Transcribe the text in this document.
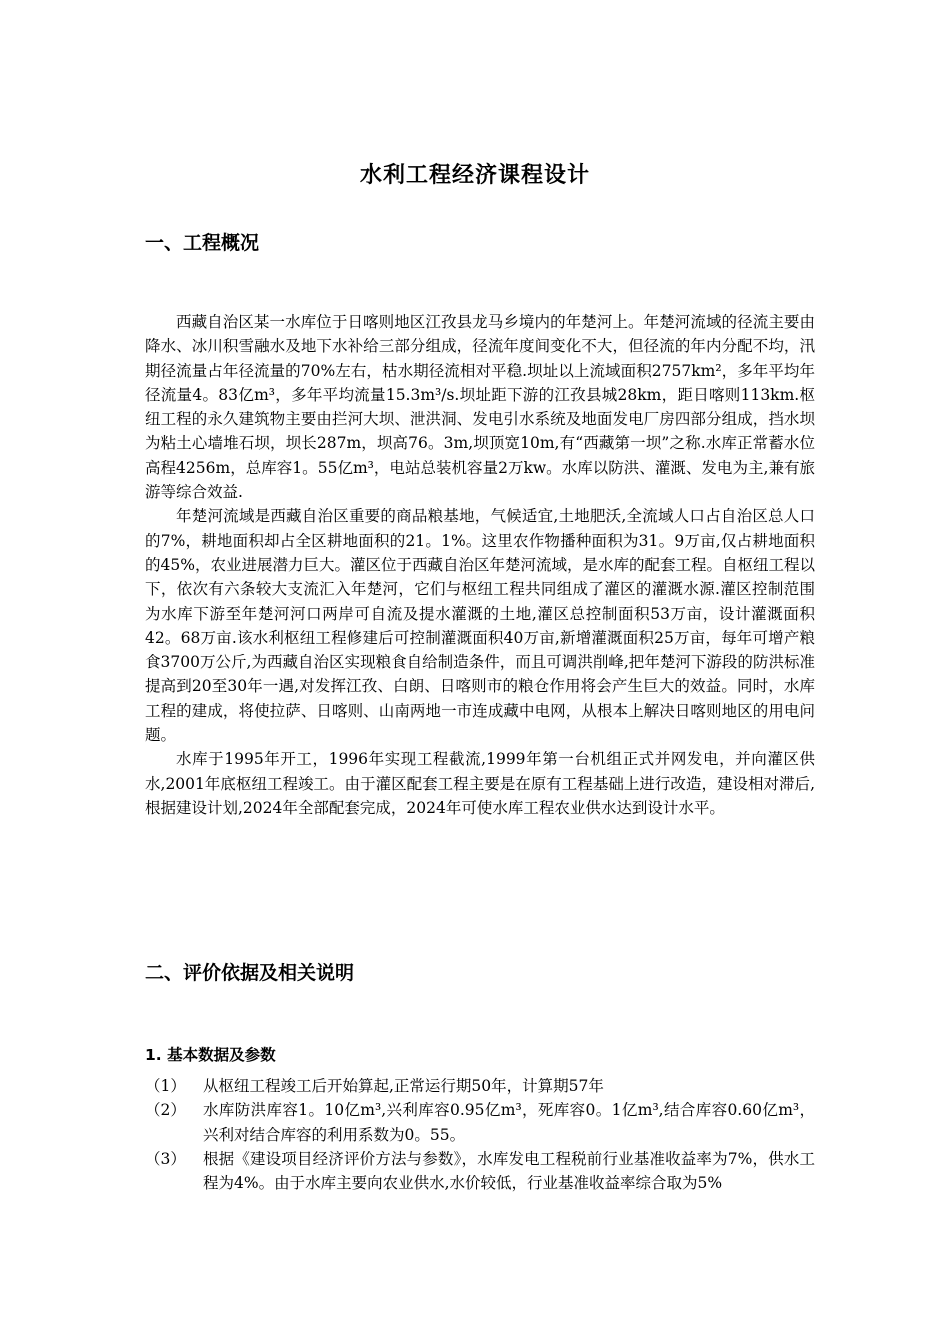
水利工程经济课程设计
一、工程概况

西藏自治区某一水库位于日喀则地区江孜县龙马乡境内的年楚河上。年楚河流域的径流主要由降水、冰川积雪融水及地下水补给三部分组成，径流年度间变化不大，但径流的年内分配不均，汛期径流量占年径流量的70%左右，枯水期径流相对平稳.坝址以上流域面积2757km²，多年平均年径流量4。83亿m³，多年平均流量15.3m³/s.坝址距下游的江孜县城28km，距日喀则113km.枢纽工程的永久建筑物主要由拦河大坝、泄洪洞、发电引水系统及地面发电厂房四部分组成，挡水坝为粘土心墙堆石坝，坝长287m，坝高76。3m,坝顶宽10m,有“西藏第一坝”之称.水库正常蓄水位高程4256m，总库容1。55亿m³，电站总装机容量2万kw。水库以防洪、灌溉、发电为主,兼有旅游等综合效益.

年楚河流域是西藏自治区重要的商品粮基地，气候适宜,土地肥沃,全流域人口占自治区总人口的7%，耕地面积却占全区耕地面积的21。1%。这里农作物播种面积为31。9万亩,仅占耕地面积的45%，农业进展潜力巨大。灌区位于西藏自治区年楚河流域，是水库的配套工程。自枢纽工程以下，依次有六条较大支流汇入年楚河，它们与枢纽工程共同组成了灌区的灌溉水源.灌区控制范围为水库下游至年楚河河口两岸可自流及提水灌溉的土地,灌区总控制面积53万亩，设计灌溉面积42。68万亩.该水利枢纽工程修建后可控制灌溉面积40万亩,新增灌溉面积25万亩，每年可增产粮食3700万公斤,为西藏自治区实现粮食自给制造条件，而且可调洪削峰,把年楚河下游段的防洪标准提高到20至30年一遇,对发挥江孜、白朗、日喀则市的粮仓作用将会产生巨大的效益。同时，水库工程的建成，将使拉萨、日喀则、山南两地一市连成藏中电网，从根本上解决日喀则地区的用电问题。

水库于1995年开工，1996年实现工程截流,1999年第一台机组正式并网发电，并向灌区供水,2001年底枢纽工程竣工。由于灌区配套工程主要是在原有工程基础上进行改造，建设相对滞后,根据建设计划,2024年全部配套完成，2024年可使水库工程农业供水达到设计水平。

二、评价依据及相关说明
1. 基本数据及参数
（1）	从枢纽工程竣工后开始算起,正常运行期50年，计算期57年
（2）	水库防洪库容1。10亿m³,兴利库容0.95亿m³，死库容0。1亿m³,结合库容0.60亿m³，兴利对结合库容的利用系数为0。55。
（3）	根据《建设项目经济评价方法与参数》，水库发电工程税前行业基准收益率为7%，供水工程为4%。由于水库主要向农业供水,水价较低，行业基准收益率综合取为5%
